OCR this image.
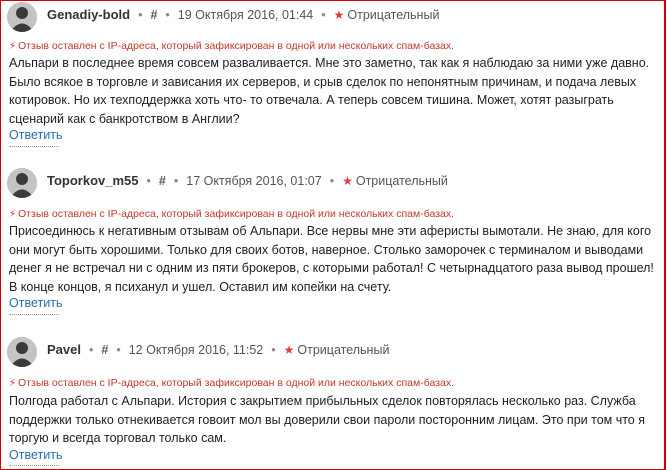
Genadiy-bold • # • 19 Октября 2016, 01:44 • ★ Отрицательный
⚡ Отзыв оставлен с IP-адреса, который зафиксирован в одной или нескольких спам-базах.
Альпари в последнее время совсем разваливается. Мне это заметно, так как я наблюдаю за ними уже давно. Было всякое в торговле и зависания их серверов, и срыв сделок по непонятным причинам, и подача левых котировок. Но их техподдержка хоть что- то отвечала. А теперь совсем тишина. Может, хотят разыграть сценарий как с банкротством в Англии?
Ответить
Toporkov_m55 • # • 17 Октября 2016, 01:07 • ★ Отрицательный
⚡ Отзыв оставлен с IP-адреса, который зафиксирован в одной или нескольких спам-базах.
Присоединюсь к негативным отзывам об Альпари. Все нервы мне эти аферисты вымотали. Не знаю, для кого они могут быть хорошими. Только для своих ботов, наверное. Столько заморочек с терминалом и выводами денег я не встречал ни с одним из пяти брокеров, с которыми работал! С четырнадцатого раза вывод прошел! В конце концов, я психанул и ушел. Оставил им копейки на счету.
Ответить
Pavel • # • 12 Октября 2016, 11:52 • ★ Отрицательный
⚡ Отзыв оставлен с IP-адреса, который зафиксирован в одной или нескольких спам-базах.
Полгода работал с Альпари. История с закрытием прибыльных сделок повторялась несколько раз. Служба поддержки только отнекивается говоит мол вы доверили свои пароли посторонним лицам. Это при том что я торгую и всегда торговал только сам.
Ответить
